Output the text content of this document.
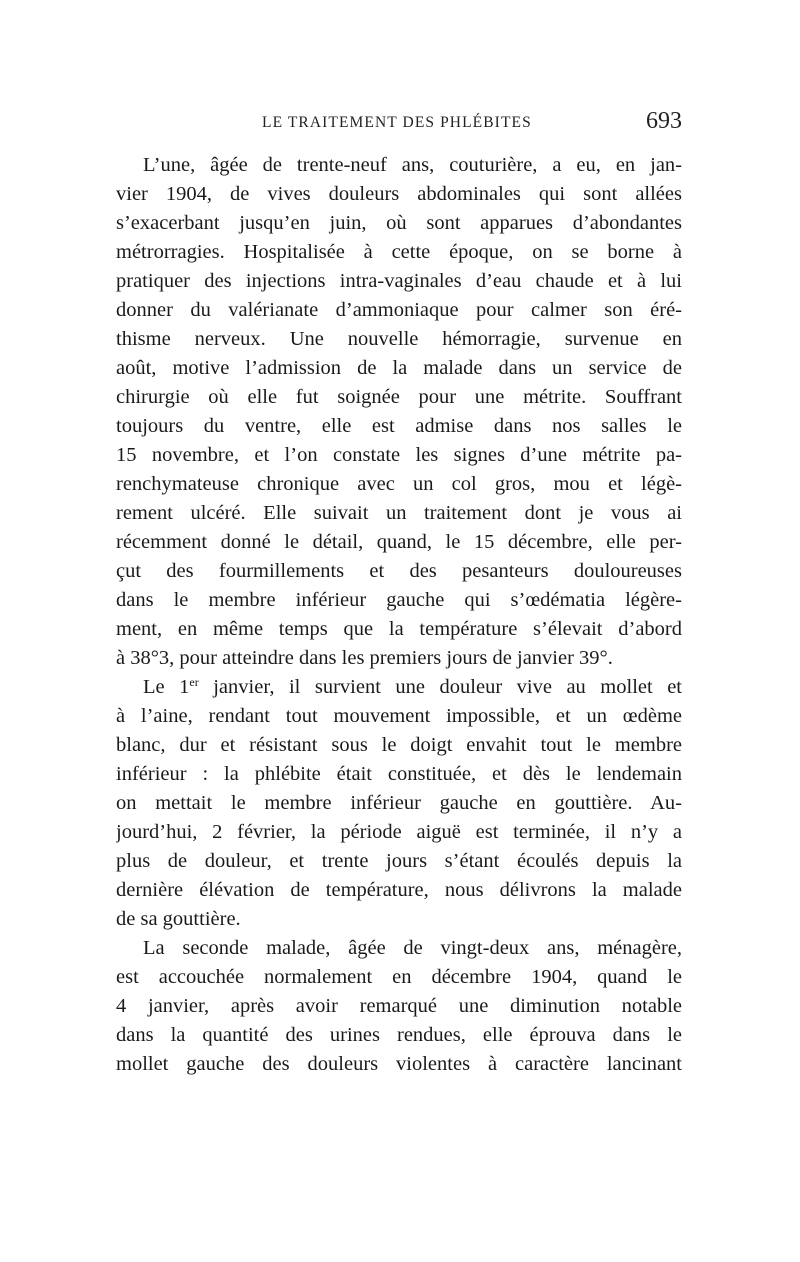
LE TRAITEMENT DES PHLÉBITES	693
L’une, âgée de trente-neuf ans, couturière, a eu, en jan-
vier 1904, de vives douleurs abdominales qui sont allées
s’exacerbant jusqu’en juin, où sont apparues d’abondantes
métrorragies. Hospitalisée à cette époque, on se borne à
pratiquer des injections intra-vaginales d’eau chaude et à lui
donner du valérianate d’ammoniaque pour calmer son éré-
thisme nerveux. Une nouvelle hémorragie, survenue en
août, motive l’admission de la malade dans un service de
chirurgie où elle fut soignée pour une métrite. Souffrant
toujours du ventre, elle est admise dans nos salles le
15 novembre, et l’on constate les signes d’une métrite pa-
renchymateuse chronique avec un col gros, mou et légè-
rement ulcéré. Elle suivait un traitement dont je vous ai
récemment donné le détail, quand, le 15 décembre, elle per-
çut des fourmillements et des pesanteurs douloureuses
dans le membre inférieur gauche qui s’œdématia légère-
ment, en même temps que la température s’élevait d’abord
à 38°3, pour atteindre dans les premiers jours de janvier 39°.
Le 1er janvier, il survient une douleur vive au mollet et
à l’aine, rendant tout mouvement impossible, et un œdème
blanc, dur et résistant sous le doigt envahit tout le membre
inférieur : la phlébite était constituée, et dès le lendemain
on mettait le membre inférieur gauche en gouttière. Au-
jourd’hui, 2 février, la période aiguë est terminée, il n’y a
plus de douleur, et trente jours s’étant écoulés depuis la
dernière élévation de température, nous délivrons la malade
de sa gouttière.
La seconde malade, âgée de vingt-deux ans, ménagère,
est accouchée normalement en décembre 1904, quand le
4 janvier, après avoir remarqué une diminution notable
dans la quantité des urines rendues, elle éprouva dans le
mollet gauche des douleurs violentes à caractère lancinant
